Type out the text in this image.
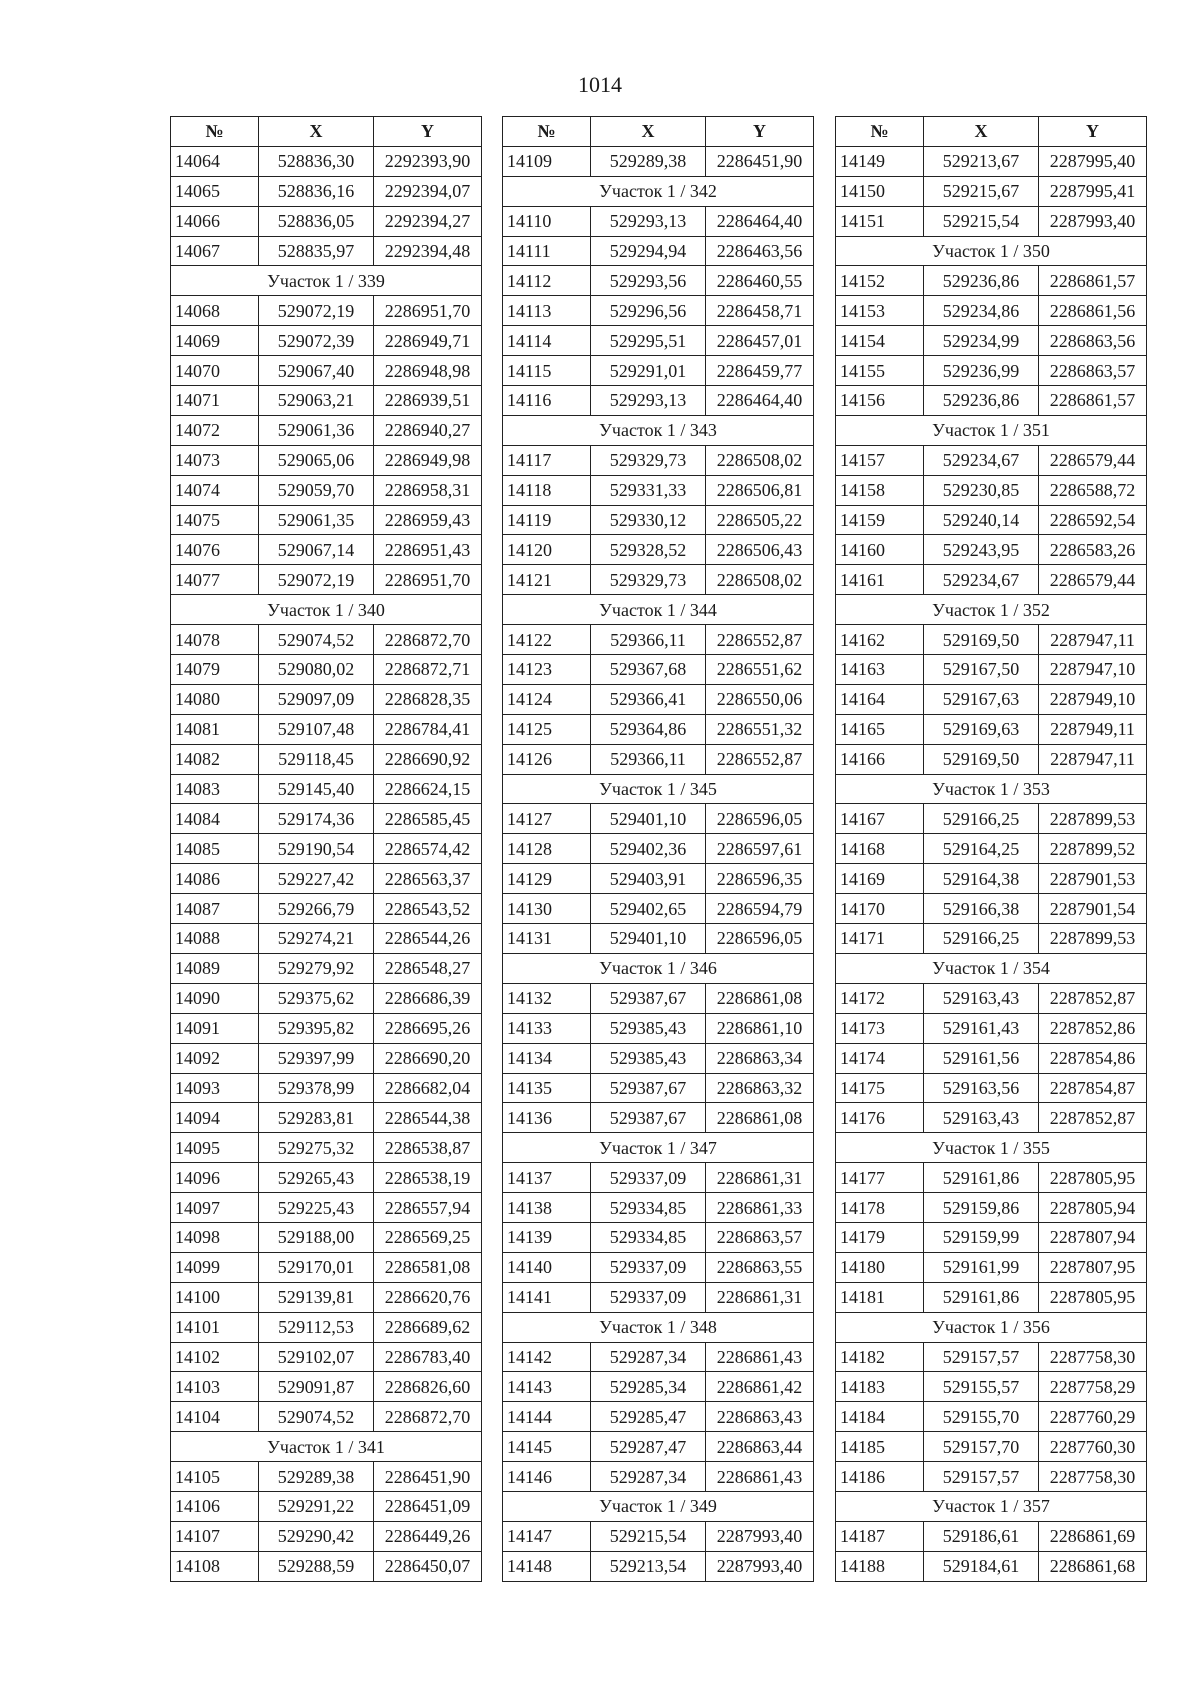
1014
№	X	Y
14064	528836,30	2292393,90
14065	528836,16	2292394,07
14066	528836,05	2292394,27
14067	528835,97	2292394,48
Участок 1 / 339		
14068	529072,19	2286951,70
14069	529072,39	2286949,71
14070	529067,40	2286948,98
14071	529063,21	2286939,51
14072	529061,36	2286940,27
14073	529065,06	2286949,98
14074	529059,70	2286958,31
14075	529061,35	2286959,43
14076	529067,14	2286951,43
14077	529072,19	2286951,70
Участок 1 / 340		
14078	529074,52	2286872,70
14079	529080,02	2286872,71
14080	529097,09	2286828,35
14081	529107,48	2286784,41
14082	529118,45	2286690,92
14083	529145,40	2286624,15
14084	529174,36	2286585,45
14085	529190,54	2286574,42
14086	529227,42	2286563,37
14087	529266,79	2286543,52
14088	529274,21	2286544,26
14089	529279,92	2286548,27
14090	529375,62	2286686,39
14091	529395,82	2286695,26
14092	529397,99	2286690,20
14093	529378,99	2286682,04
14094	529283,81	2286544,38
14095	529275,32	2286538,87
14096	529265,43	2286538,19
14097	529225,43	2286557,94
14098	529188,00	2286569,25
14099	529170,01	2286581,08
14100	529139,81	2286620,76
14101	529112,53	2286689,62
14102	529102,07	2286783,40
14103	529091,87	2286826,60
14104	529074,52	2286872,70
Участок 1 / 341		
14105	529289,38	2286451,90
14106	529291,22	2286451,09
14107	529290,42	2286449,26
14108	529288,59	2286450,07
№	X	Y
14109	529289,38	2286451,90
Участок 1 / 342		
14110	529293,13	2286464,40
14111	529294,94	2286463,56
14112	529293,56	2286460,55
14113	529296,56	2286458,71
14114	529295,51	2286457,01
14115	529291,01	2286459,77
14116	529293,13	2286464,40
Участок 1 / 343		
14117	529329,73	2286508,02
14118	529331,33	2286506,81
14119	529330,12	2286505,22
14120	529328,52	2286506,43
14121	529329,73	2286508,02
Участок 1 / 344		
14122	529366,11	2286552,87
14123	529367,68	2286551,62
14124	529366,41	2286550,06
14125	529364,86	2286551,32
14126	529366,11	2286552,87
Участок 1 / 345		
14127	529401,10	2286596,05
14128	529402,36	2286597,61
14129	529403,91	2286596,35
14130	529402,65	2286594,79
14131	529401,10	2286596,05
Участок 1 / 346		
14132	529387,67	2286861,08
14133	529385,43	2286861,10
14134	529385,43	2286863,34
14135	529387,67	2286863,32
14136	529387,67	2286861,08
Участок 1 / 347		
14137	529337,09	2286861,31
14138	529334,85	2286861,33
14139	529334,85	2286863,57
14140	529337,09	2286863,55
14141	529337,09	2286861,31
Участок 1 / 348		
14142	529287,34	2286861,43
14143	529285,34	2286861,42
14144	529285,47	2286863,43
14145	529287,47	2286863,44
14146	529287,34	2286861,43
Участок 1 / 349		
14147	529215,54	2287993,40
14148	529213,54	2287993,40
№	X	Y
14149	529213,67	2287995,40
14150	529215,67	2287995,41
14151	529215,54	2287993,40
Участок 1 / 350		
14152	529236,86	2286861,57
14153	529234,86	2286861,56
14154	529234,99	2286863,56
14155	529236,99	2286863,57
14156	529236,86	2286861,57
Участок 1 / 351		
14157	529234,67	2286579,44
14158	529230,85	2286588,72
14159	529240,14	2286592,54
14160	529243,95	2286583,26
14161	529234,67	2286579,44
Участок 1 / 352		
14162	529169,50	2287947,11
14163	529167,50	2287947,10
14164	529167,63	2287949,10
14165	529169,63	2287949,11
14166	529169,50	2287947,11
Участок 1 / 353		
14167	529166,25	2287899,53
14168	529164,25	2287899,52
14169	529164,38	2287901,53
14170	529166,38	2287901,54
14171	529166,25	2287899,53
Участок 1 / 354		
14172	529163,43	2287852,87
14173	529161,43	2287852,86
14174	529161,56	2287854,86
14175	529163,56	2287854,87
14176	529163,43	2287852,87
Участок 1 / 355		
14177	529161,86	2287805,95
14178	529159,86	2287805,94
14179	529159,99	2287807,94
14180	529161,99	2287807,95
14181	529161,86	2287805,95
Участок 1 / 356		
14182	529157,57	2287758,30
14183	529155,57	2287758,29
14184	529155,70	2287760,29
14185	529157,70	2287760,30
14186	529157,57	2287758,30
Участок 1 / 357		
14187	529186,61	2286861,69
14188	529184,61	2286861,68
